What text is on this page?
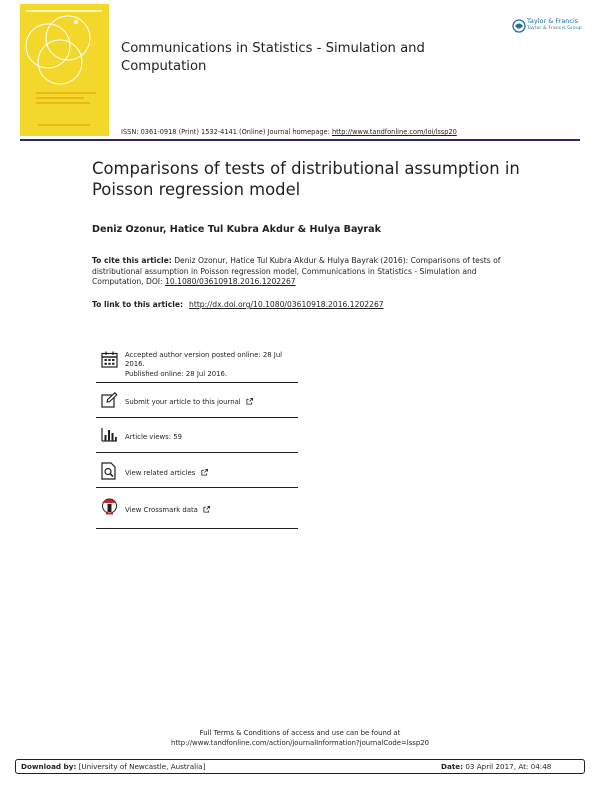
Communications in Statistics - Simulation and Computation
Taylor & Francis
Taylor & Francis Group
ISSN: 0361-0918 (Print) 1532-4141 (Online) Journal homepage: http://www.tandfonline.com/loi/lssp20
Comparisons of tests of distributional assumption in Poisson regression model
Deniz Ozonur, Hatice Tul Kubra Akdur & Hulya Bayrak
To cite this article: Deniz Ozonur, Hatice Tul Kubra Akdur & Hulya Bayrak (2016): Comparisons of tests of distributional assumption in Poisson regression model, Communications in Statistics - Simulation and Computation, DOI: 10.1080/03610918.2016.1202267
To link to this article: http://dx.doi.org/10.1080/03610918.2016.1202267
Accepted author version posted online: 28 Jul 2016.
Published online: 28 Jul 2016.
Submit your article to this journal
Article views: 59
View related articles
View Crossmark data
Full Terms & Conditions of access and use can be found at
http://www.tandfonline.com/action/journalInformation?journalCode=lssp20
Download by: [University of Newcastle, Australia]	Date: 03 April 2017, At: 04:48
